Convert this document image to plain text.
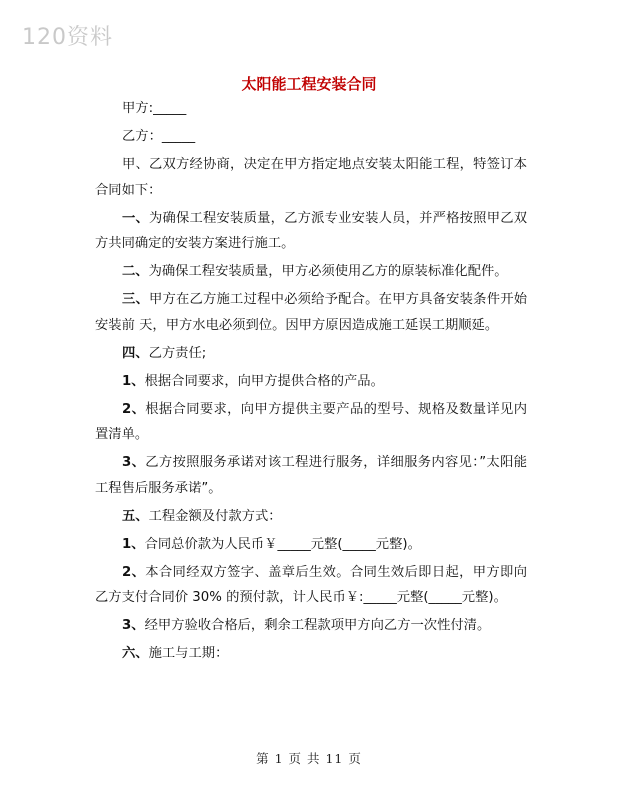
120资料
太阳能工程安装合同

甲方:_____

乙方：_____

甲、乙双方经协商，决定在甲方指定地点安装太阳能工程，特签订本合同如下：

一、为确保工程安装质量，乙方派专业安装人员，并严格按照甲乙双方共同确定的安装方案进行施工。

二、为确保工程安装质量，甲方必须使用乙方的原装标准化配件。

三、甲方在乙方施工过程中必须给予配合。在甲方具备安装条件开始安装前 天，甲方水电必须到位。因甲方原因造成施工延误工期顺延。

四、乙方责任;

1、根据合同要求，向甲方提供合格的产品。

2、根据合同要求，向甲方提供主要产品的型号、规格及数量详见内置清单。

3、乙方按照服务承诺对该工程进行服务，详细服务内容见：”太阳能工程售后服务承诺”。

五、工程金额及付款方式：

1、合同总价款为人民币￥_____元整(_____元整)。

2、本合同经双方签字、盖章后生效。合同生效后即日起，甲方即向乙方支付合同价 30% 的预付款，计人民币￥:_____元整(_____元整)。

3、经甲方验收合格后，剩余工程款项甲方向乙方一次性付清。

六、施工与工期：

第 1 页 共 11 页
